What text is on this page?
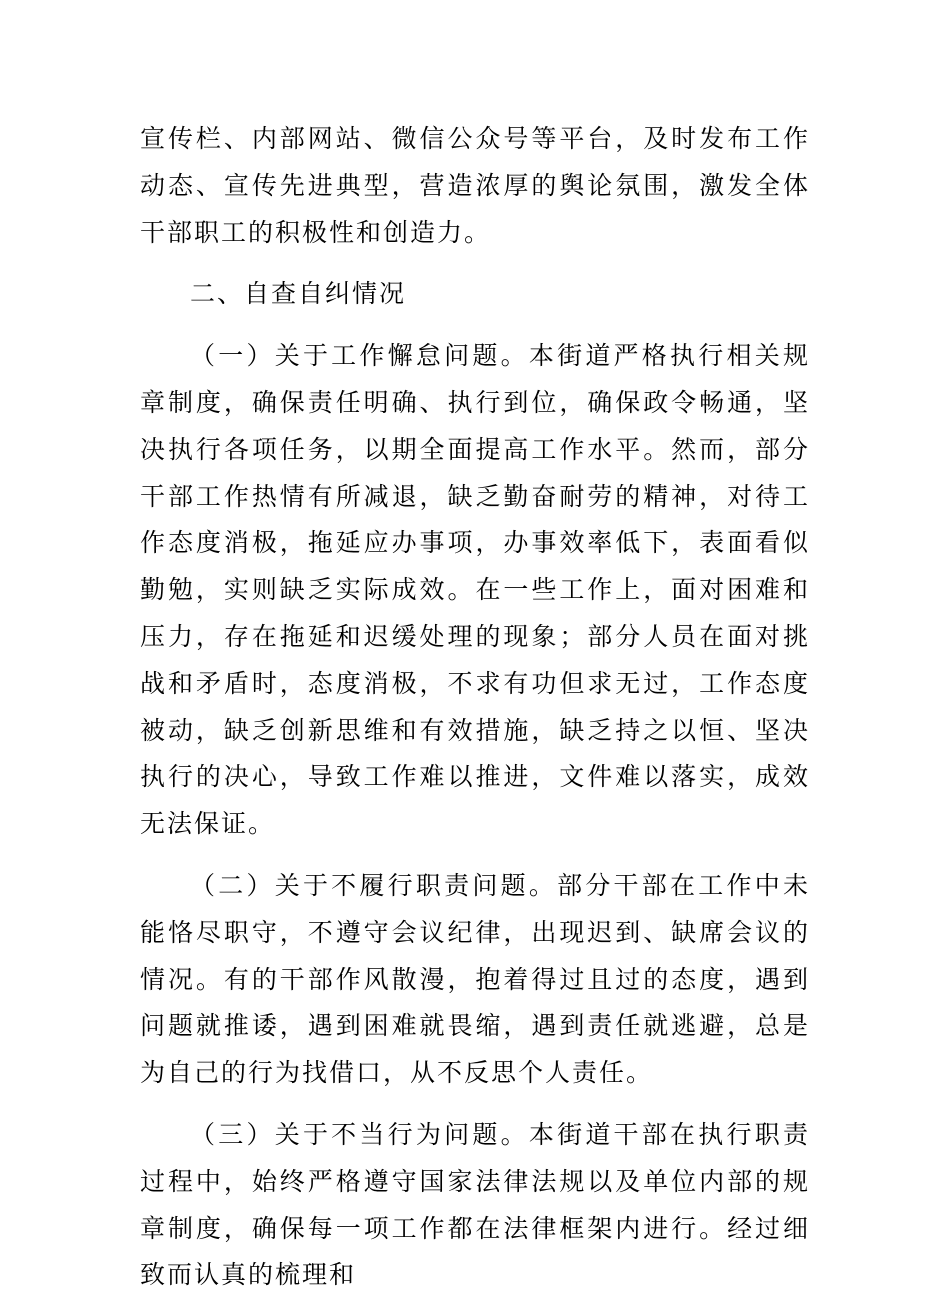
宣传栏、内部网站、微信公众号等平台，及时发布工作动态、宣传先进典型，营造浓厚的舆论氛围，激发全体干部职工的积极性和创造力。

二、自查自纠情况

（一）关于工作懈怠问题。本街道严格执行相关规章制度，确保责任明确、执行到位，确保政令畅通，坚决执行各项任务，以期全面提高工作水平。然而，部分干部工作热情有所减退，缺乏勤奋耐劳的精神，对待工作态度消极，拖延应办事项，办事效率低下，表面看似勤勉，实则缺乏实际成效。在一些工作上，面对困难和压力，存在拖延和迟缓处理的现象；部分人员在面对挑战和矛盾时，态度消极，不求有功但求无过，工作态度被动，缺乏创新思维和有效措施，缺乏持之以恒、坚决执行的决心，导致工作难以推进，文件难以落实，成效无法保证。

（二）关于不履行职责问题。部分干部在工作中未能恪尽职守，不遵守会议纪律，出现迟到、缺席会议的情况。有的干部作风散漫，抱着得过且过的态度，遇到问题就推诿，遇到困难就畏缩，遇到责任就逃避，总是为自己的行为找借口，从不反思个人责任。

（三）关于不当行为问题。本街道干部在执行职责过程中，始终严格遵守国家法律法规以及单位内部的规章制度，确保每一项工作都在法律框架内进行。经过细致而认真的梳理和
